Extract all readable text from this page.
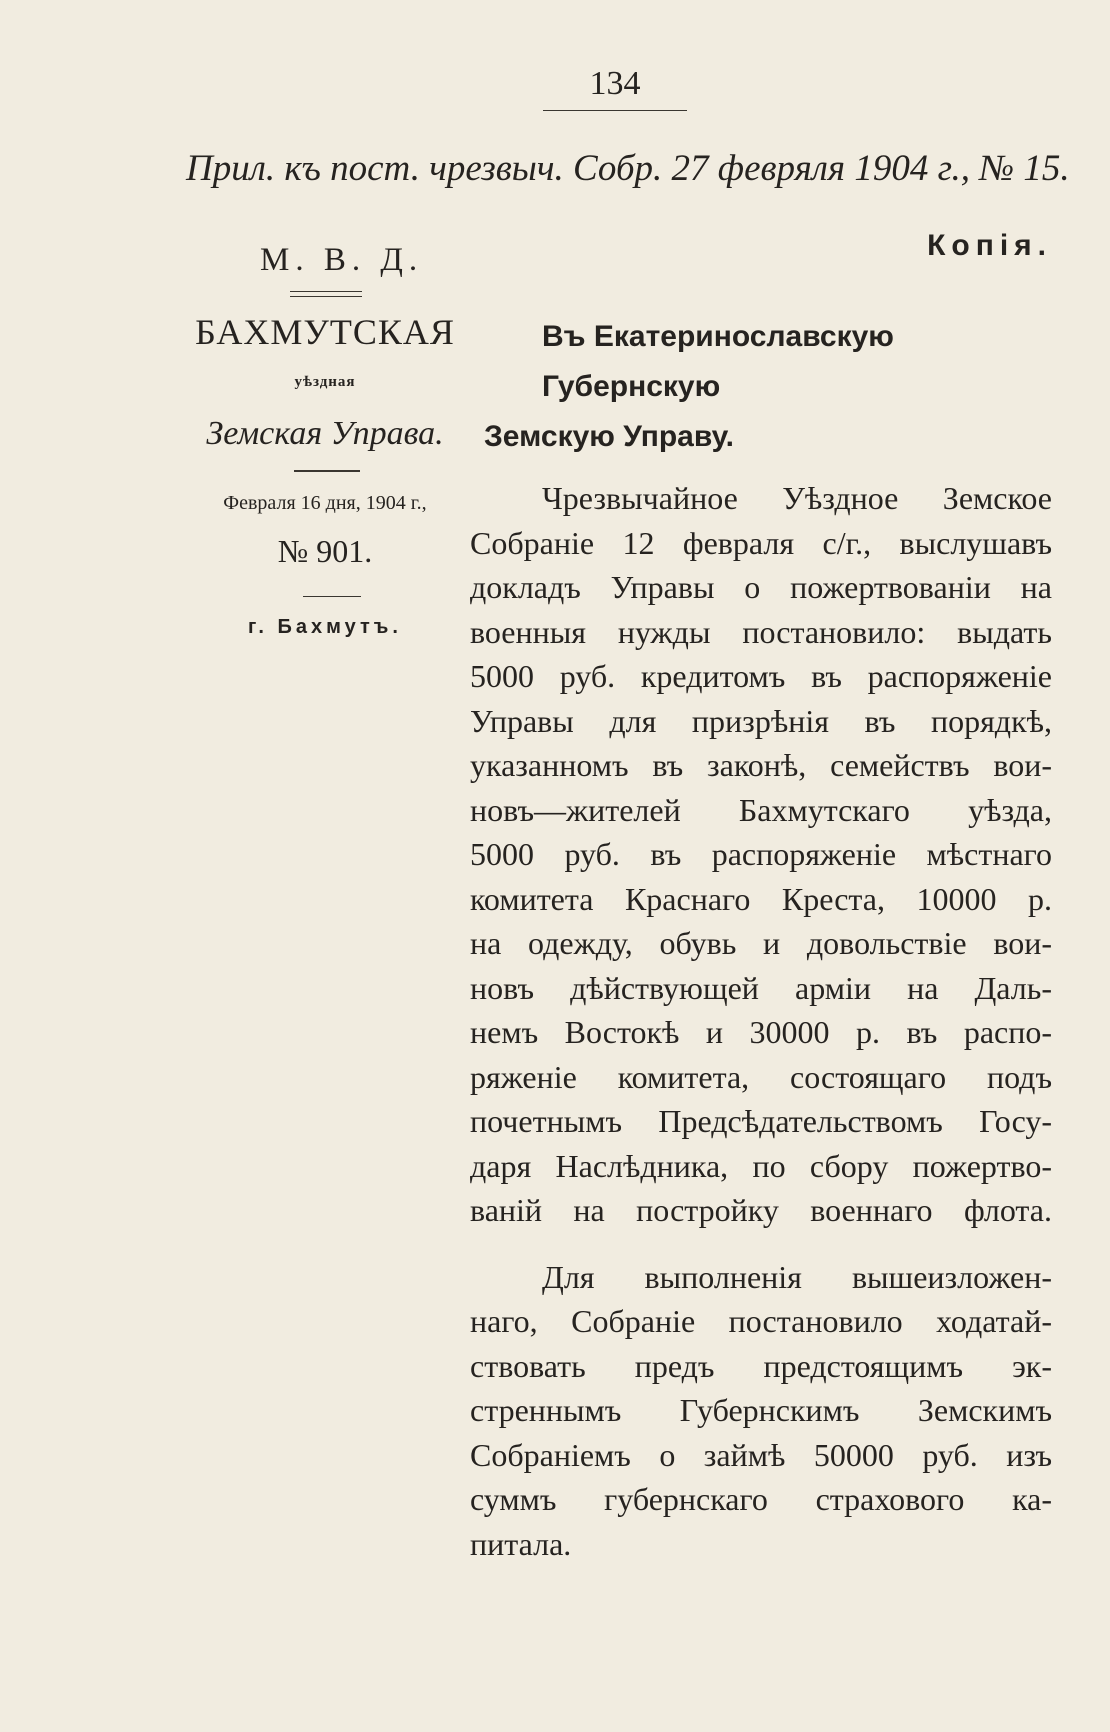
134
Прил. къ пост. чрезвыч. Собр. 27 февряля 1904 г., № 15.
М. В. Д.	Копія.
БАХМУТСКАЯ
уѣздная
Земская Управа.
Февраля 16 дня, 1904 г.,
№ 901.
г. Бахмутъ.
Въ Екатеринославскую Губернскую
Земскую Управу.
Чрезвычайное Уѣздное Земское
Собраніе 12 февраля с/г., выслушавъ
докладъ Управы о пожертвованіи на
военныя нужды постановило: выдать
5000 руб. кредитомъ въ распоряженіе
Управы для призрѣнія въ порядкѣ,
указанномъ въ законѣ, семействъ вои-
новъ—жителей Бахмутскаго уѣзда,
5000 руб. въ распоряженіе мѣстнаго
комитета Краснаго Креста, 10000 р.
на одежду, обувь и довольствіе вои-
новъ дѣйствующей арміи на Даль-
немъ Востокѣ и 30000 р. въ распо-
ряженіе комитета, состоящаго подъ
почетнымъ Предсѣдательствомъ Госу-
даря Наслѣдника, по сбору пожертво-
ваній на постройку военнаго флота.
Для выполненія вышеизложен-
наго, Собраніе постановило ходатай-
ствовать предъ предстоящимъ эк-
стреннымъ Губернскимъ Земскимъ
Собраніемъ о займѣ 50000 руб. изъ
суммъ губернскаго страхового ка-
питала.
